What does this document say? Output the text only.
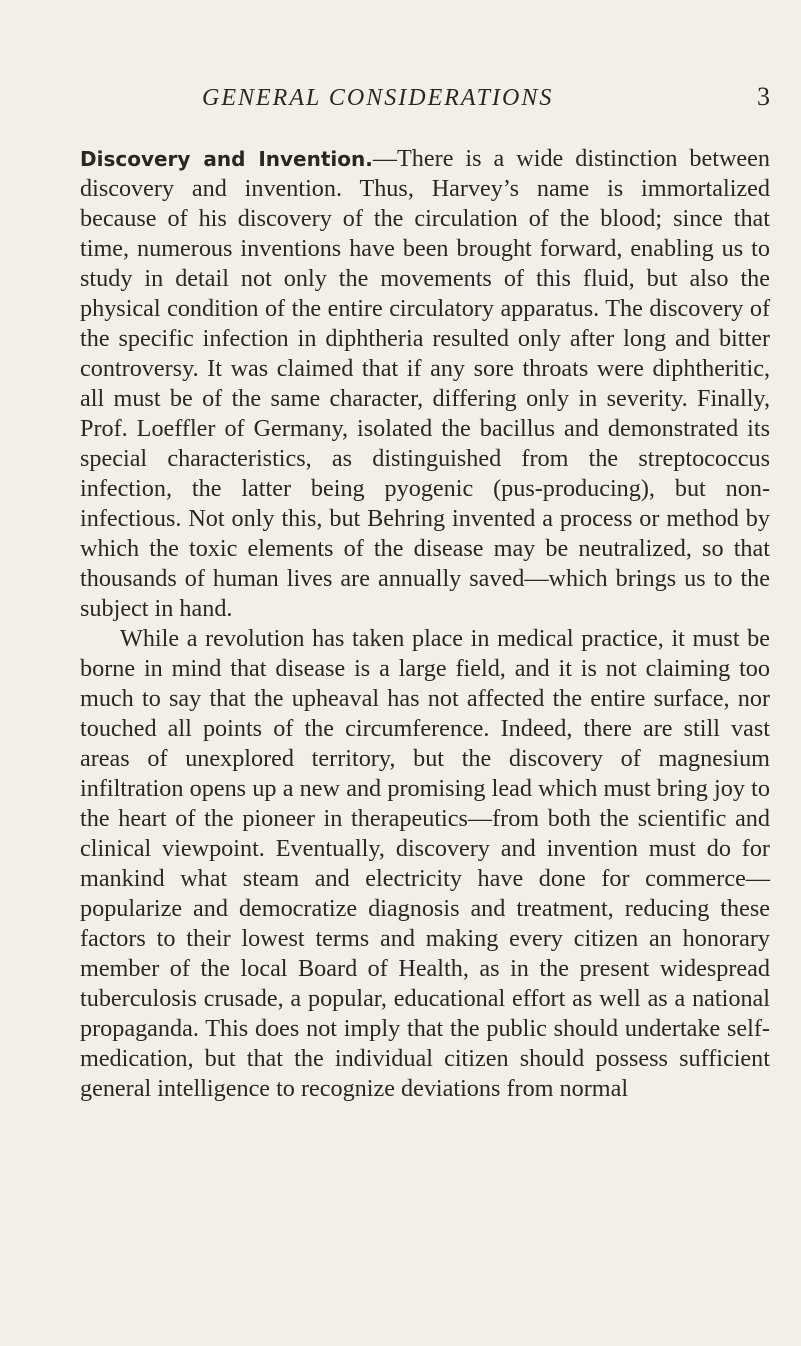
GENERAL CONSIDERATIONS	3

Discovery and Invention.—There is a wide distinction between discovery and invention. Thus, Harvey’s name is immortalized because of his discovery of the circulation of the blood; since that time, numerous inventions have been brought forward, enabling us to study in detail not only the movements of this fluid, but also the physical condition of the entire circulatory apparatus. The discovery of the specific infection in diphtheria resulted only after long and bitter controversy. It was claimed that if any sore throats were diphtheritic, all must be of the same character, differing only in severity. Finally, Prof. Loeffler of Germany, isolated the bacillus and demonstrated its special characteristics, as distinguished from the streptococcus infection, the latter being pyogenic (pus-producing), but non-infectious. Not only this, but Behring invented a process or method by which the toxic elements of the disease may be neutralized, so that thousands of human lives are annually saved—which brings us to the subject in hand.

While a revolution has taken place in medical practice, it must be borne in mind that disease is a large field, and it is not claiming too much to say that the upheaval has not affected the entire surface, nor touched all points of the circumference. Indeed, there are still vast areas of unexplored territory, but the discovery of magnesium infiltration opens up a new and promising lead which must bring joy to the heart of the pioneer in therapeutics—from both the scientific and clinical viewpoint. Eventually, discovery and invention must do for mankind what steam and electricity have done for commerce—popularize and democratize diagnosis and treatment, reducing these factors to their lowest terms and making every citizen an honorary member of the local Board of Health, as in the present widespread tuberculosis crusade, a popular, educational effort as well as a national propaganda. This does not imply that the public should undertake self-medication, but that the individual citizen should possess sufficient general intelligence to recognize deviations from normal
